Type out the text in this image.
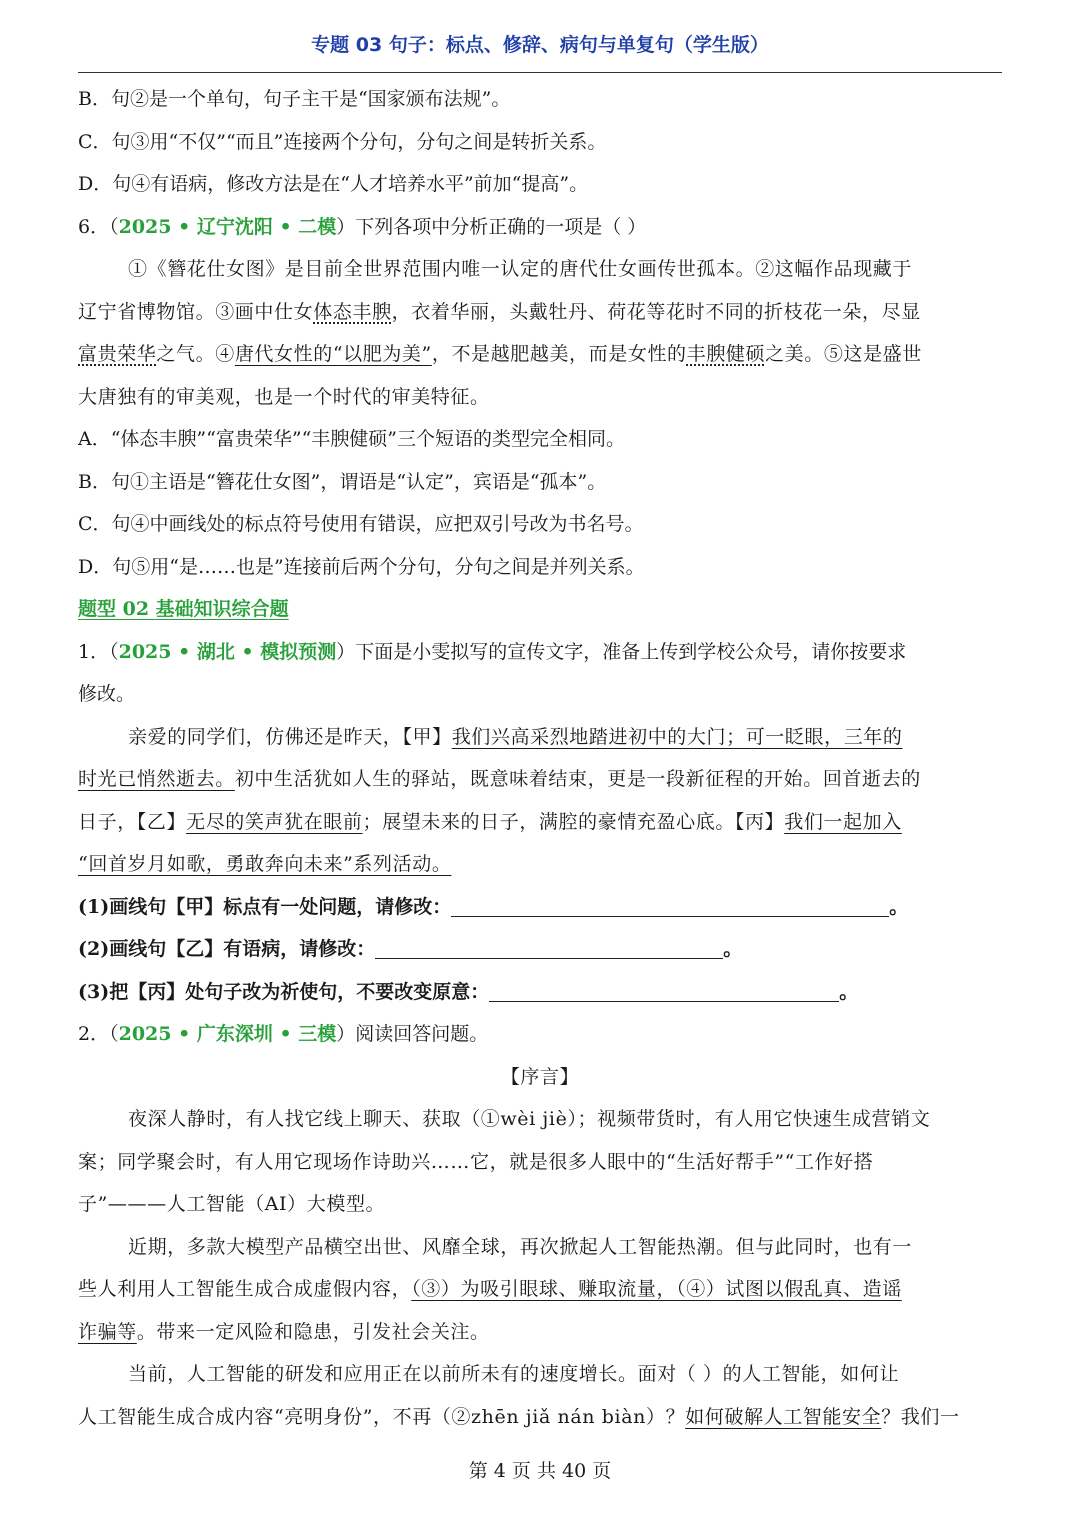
专题 03 句子：标点、修辞、病句与单复句（学生版）
B．句②是一个单句，句子主干是“国家颁布法规”。
C．句③用“不仅”“而且”连接两个分句，分句之间是转折关系。
D．句④有语病，修改方法是在“人才培养水平”前加“提高”。
6．（2025 • 辽宁沈阳 • 二模）下列各项中分析正确的一项是（ ）
①《簪花仕女图》是目前全世界范围内唯一认定的唐代仕女画传世孤本。②这幅作品现藏于
辽宁省博物馆。③画中仕女体态丰腴，衣着华丽，头戴牡丹、荷花等花时不同的折枝花一朵，尽显
富贵荣华之气。④唐代女性的“以肥为美”，不是越肥越美，而是女性的丰腴健硕之美。⑤这是盛世
大唐独有的审美观，也是一个时代的审美特征。
A．“体态丰腴”“富贵荣华”“丰腴健硕”三个短语的类型完全相同。
B．句①主语是“簪花仕女图”，谓语是“认定”，宾语是“孤本”。
C．句④中画线处的标点符号使用有错误，应把双引号改为书名号。
D．句⑤用“是……也是”连接前后两个分句，分句之间是并列关系。
题型 02 基础知识综合题
1．（2025 • 湖北 • 模拟预测）下面是小雯拟写的宣传文字，准备上传到学校公众号，请你按要求
修改。
亲爱的同学们，仿佛还是昨天，【甲】我们兴高采烈地踏进初中的大门；可一眨眼，三年的
时光已悄然逝去。初中生活犹如人生的驿站，既意味着结束，更是一段新征程的开始。回首逝去的
日子，【乙】无尽的笑声犹在眼前；展望未来的日子，满腔的豪情充盈心底。【丙】我们一起加入
“回首岁月如歌，勇敢奔向未来”系列活动。
(1)画线句【甲】标点有一处问题，请修改：	。
(2)画线句【乙】有语病，请修改：	。
(3)把【丙】处句子改为祈使句，不要改变原意：	。
2．（2025 • 广东深圳 • 三模）阅读回答问题。
【序言】
夜深人静时，有人找它线上聊天、获取（①wèi jiè）；视频带货时，有人用它快速生成营销文
案；同学聚会时，有人用它现场作诗助兴……它，就是很多人眼中的“生活好帮手”“工作好搭
子”———人工智能（AI）大模型。
近期，多款大模型产品横空出世、风靡全球，再次掀起人工智能热潮。但与此同时，也有一
些人利用人工智能生成合成虚假内容，（③）为吸引眼球、赚取流量，（④）试图以假乱真、造谣
诈骗等。带来一定风险和隐患，引发社会关注。
当前，人工智能的研发和应用正在以前所未有的速度增长。面对（ ）的人工智能，如何让
人工智能生成合成内容“亮明身份”，不再（②zhēn jiǎ nán biàn）？如何破解人工智能安全？我们一
第 4 页 共 40 页
